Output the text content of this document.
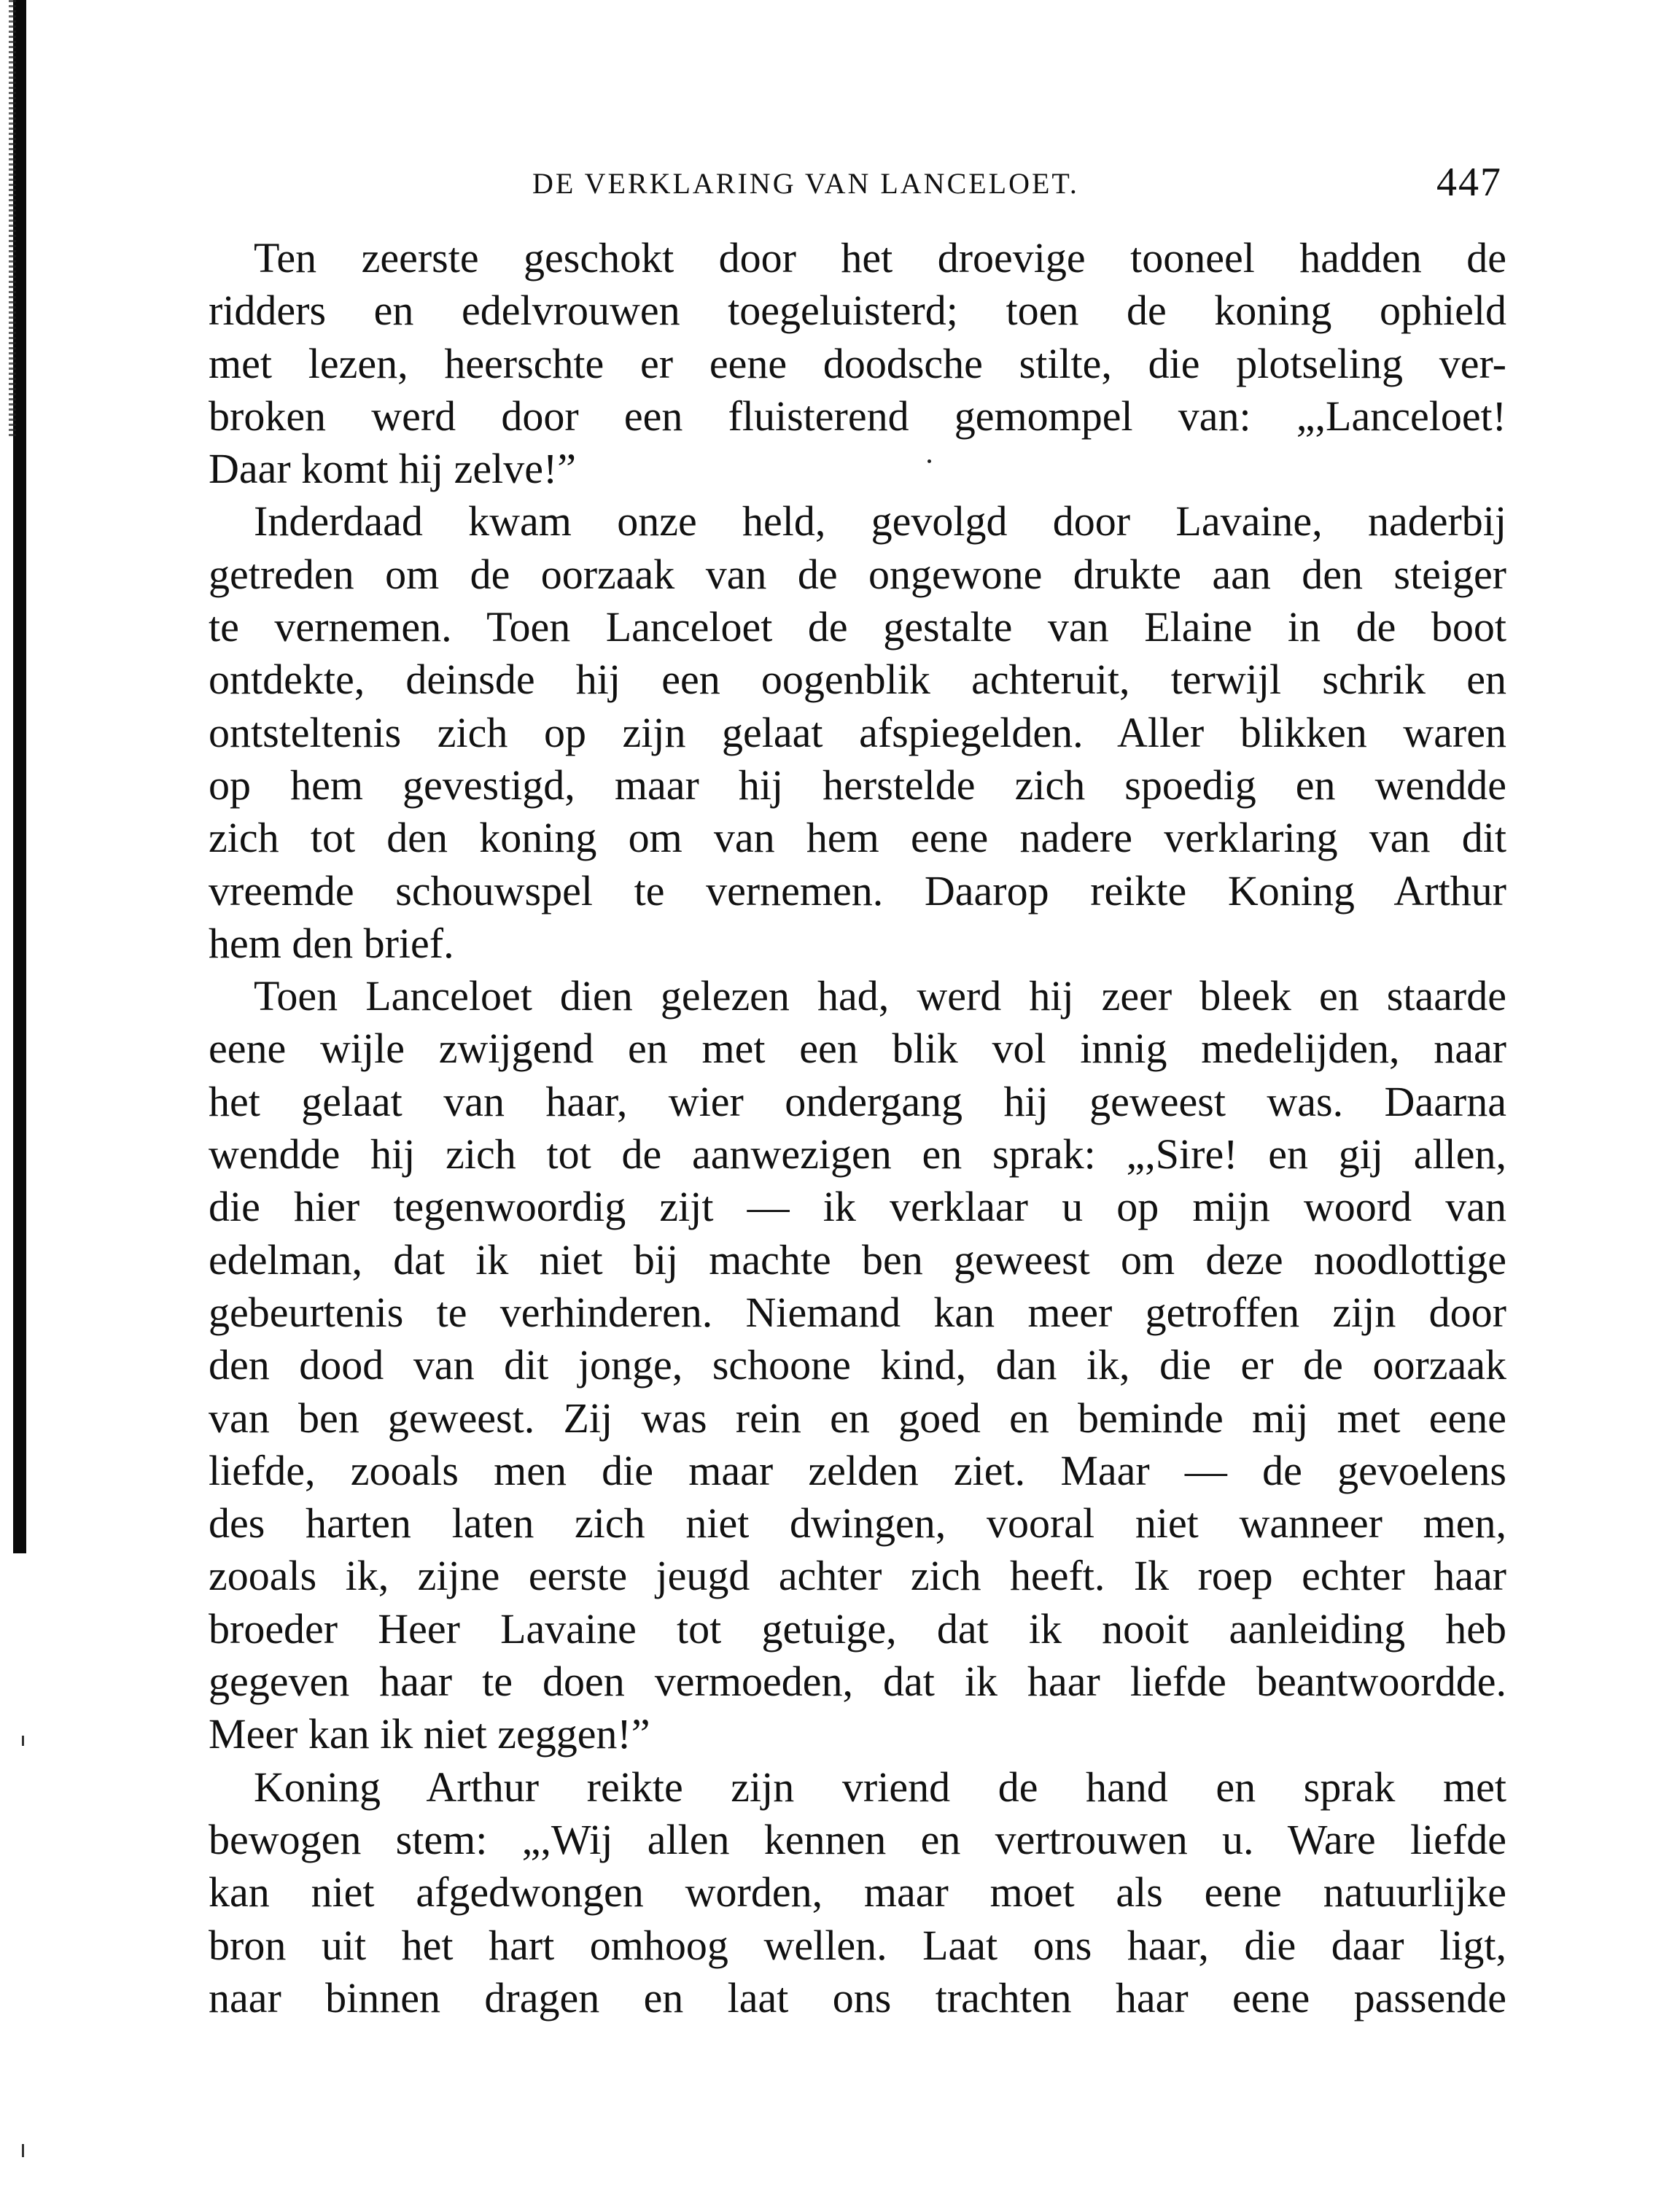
DE VERKLARING VAN LANCELOET.	447
Ten zeerste geschokt door het droevige tooneel hadden de
ridders en edelvrouwen toegeluisterd; toen de koning ophield
met lezen, heerschte er eene doodsche stilte, die plotseling ver-
broken werd door een fluisterend gemompel van: „,Lanceloet!
Daar komt hij zelve!”
Inderdaad kwam onze held, gevolgd door Lavaine, naderbij
getreden om de oorzaak van de ongewone drukte aan den steiger
te vernemen. Toen Lanceloet de gestalte van Elaine in de boot
ontdekte, deinsde hij een oogenblik achteruit, terwijl schrik en
ontsteltenis zich op zijn gelaat afspiegelden. Aller blikken waren
op hem gevestigd, maar hij herstelde zich spoedig en wendde
zich tot den koning om van hem eene nadere verklaring van dit
vreemde schouwspel te vernemen. Daarop reikte Koning Arthur
hem den brief.
Toen Lanceloet dien gelezen had, werd hij zeer bleek en staarde
eene wijle zwijgend en met een blik vol innig medelijden, naar
het gelaat van haar, wier ondergang hij geweest was. Daarna
wendde hij zich tot de aanwezigen en sprak: „,Sire! en gij allen,
die hier tegenwoordig zijt — ik verklaar u op mijn woord van
edelman, dat ik niet bij machte ben geweest om deze noodlottige
gebeurtenis te verhinderen. Niemand kan meer getroffen zijn door
den dood van dit jonge, schoone kind, dan ik, die er de oorzaak
van ben geweest. Zij was rein en goed en beminde mij met eene
liefde, zooals men die maar zelden ziet. Maar — de gevoelens
des harten laten zich niet dwingen, vooral niet wanneer men,
zooals ik, zijne eerste jeugd achter zich heeft. Ik roep echter haar
broeder Heer Lavaine tot getuige, dat ik nooit aanleiding heb
gegeven haar te doen vermoeden, dat ik haar liefde beantwoordde.
Meer kan ik niet zeggen!”
Koning Arthur reikte zijn vriend de hand en sprak met
bewogen stem: „,Wij allen kennen en vertrouwen u. Ware liefde
kan niet afgedwongen worden, maar moet als eene natuurlijke
bron uit het hart omhoog wellen. Laat ons haar, die daar ligt,
naar binnen dragen en laat ons trachten haar eene passende
